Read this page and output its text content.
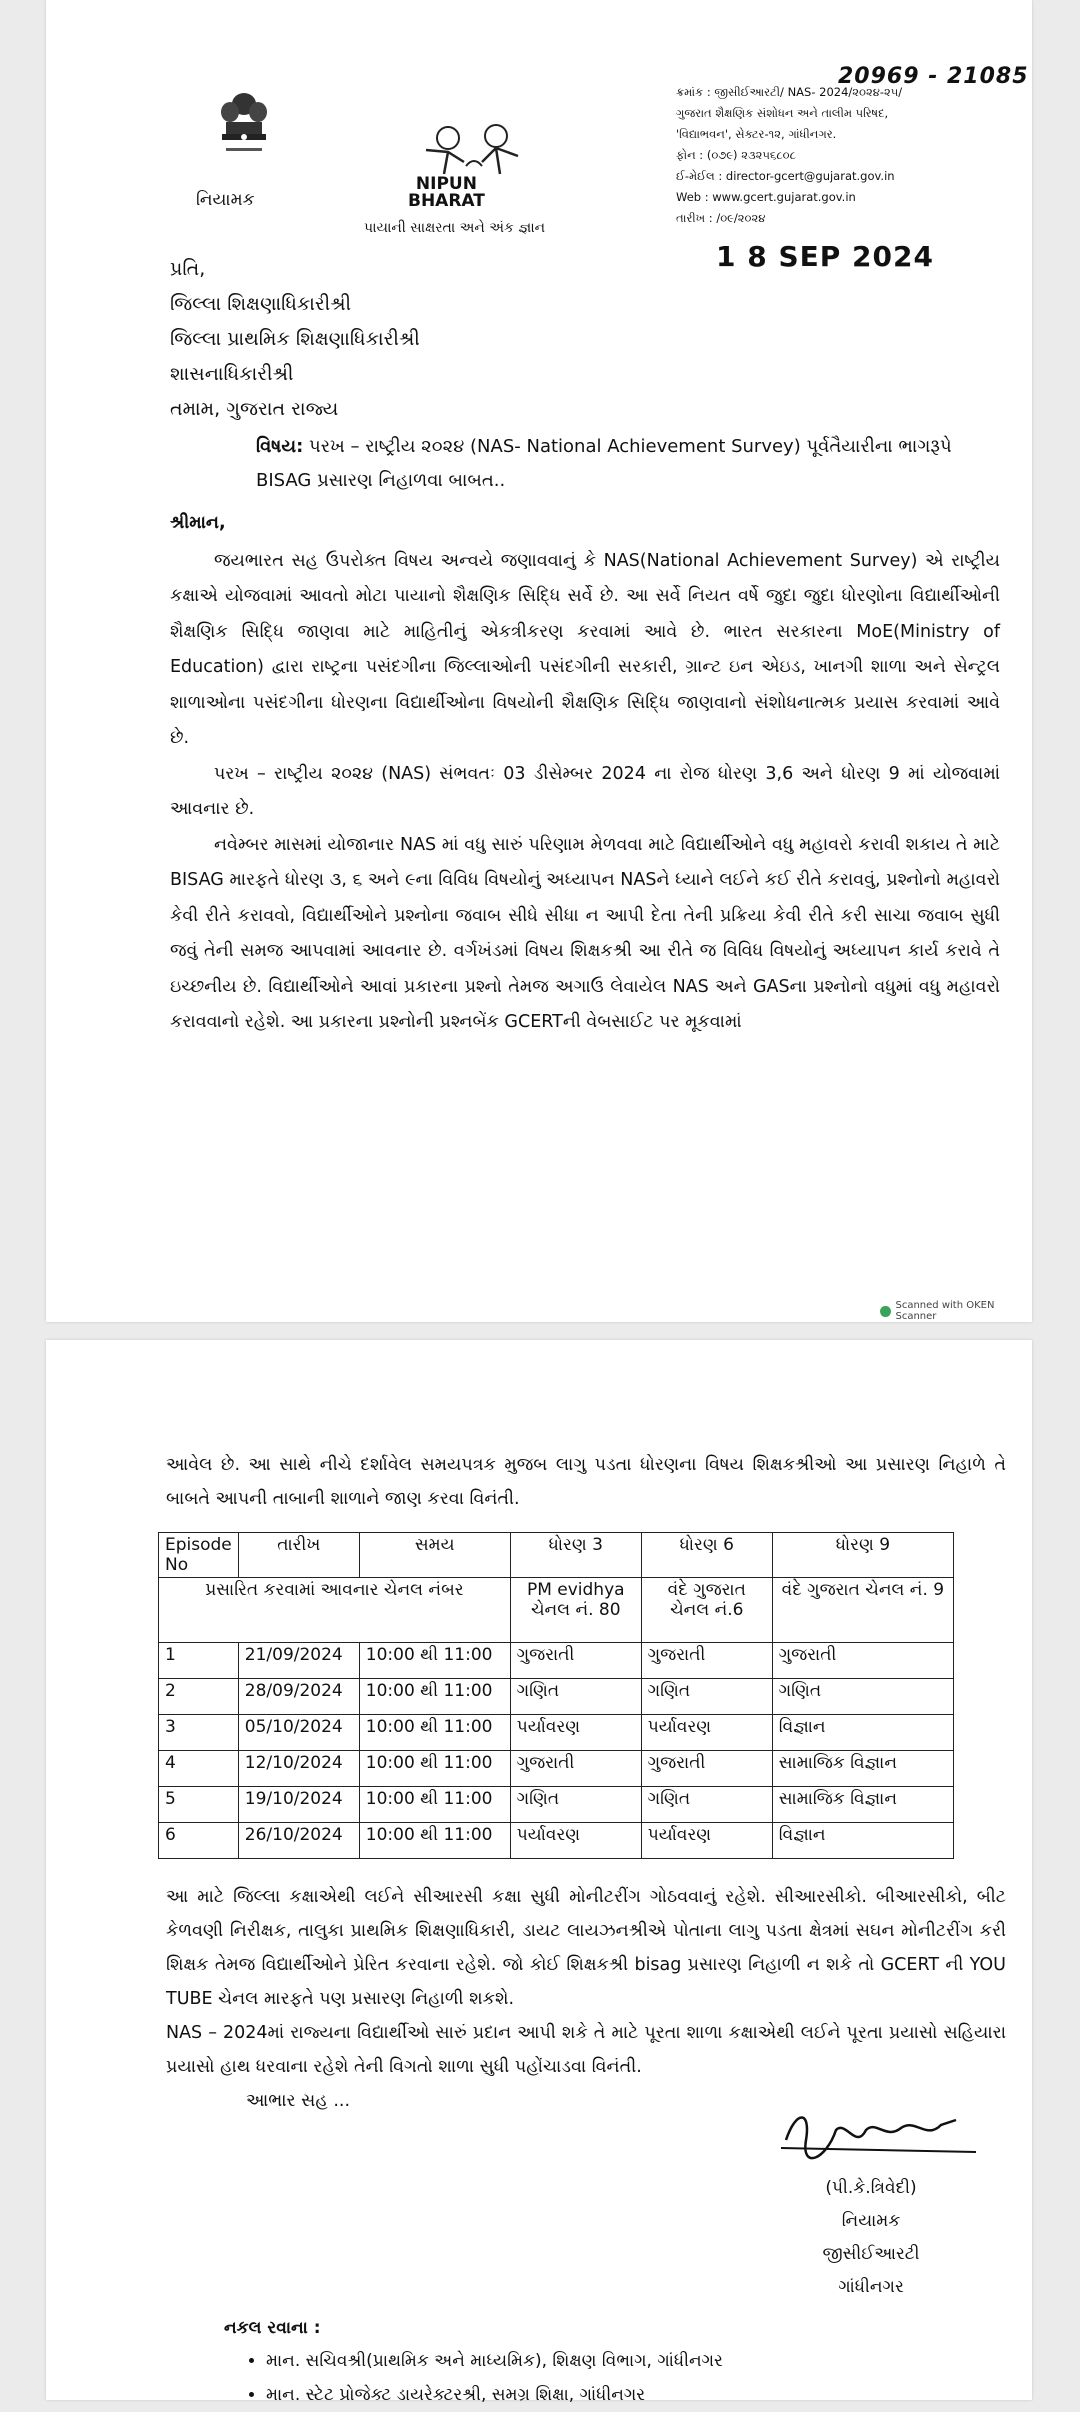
નિયામક
NIPUN
BHARAT
પાયાની સાક્ષરતા અને અંક જ્ઞાન
20969 - 21085
ક્રમાંક : જીસીઈઆરટી/ NAS- 2024/૨૦૨૪-૨૫/
ગુજરાત શૈક્ષણિક સંશોધન અને તાલીમ પરિષદ,
'વિદ્યાભવન', સેક્ટર-૧૨, ગાંધીનગર.
ફોન : (૦૭૯) ૨૩૨૫૬૮૦૮
ઈ-મેઈલ : director-gcert@gujarat.gov.in
Web : www.gcert.gujarat.gov.in
તારીખ : /૦૯/૨૦૨૪
1 8 SEP 2024
પ્રતિ,
જિલ્લા શિક્ષણાધિકારીશ્રી
જિલ્લા પ્રાથમિક શિક્ષણાધિકારીશ્રી
શાસનાધિકારીશ્રી
તમામ, ગુજરાત રાજ્ય
વિષય: પરખ – રાષ્ટ્રીય ૨૦૨૪ (NAS- National Achievement Survey) પૂર્વતૈયારીના ભાગરૂપે BISAG પ્રસારણ નિહાળવા બાબત..

શ્રીમાન,

જયભારત સહ ઉપરોક્ત વિષય અન્વયે જણાવવાનું કે NAS(National Achievement Survey) એ રાષ્ટ્રીય કક્ષાએ યોજવામાં આવતો મોટા પાયાનો શૈક્ષણિક સિદ્ધિ સર્વે છે. આ સર્વે નિયત વર્ષે જુદા જુદા ધોરણોના વિદ્યાર્થીઓની શૈક્ષણિક સિદ્ધિ જાણવા માટે માહિતીનું એકત્રીકરણ કરવામાં આવે છે. ભારત સરકારના MoE(Ministry of Education) દ્વારા રાષ્ટ્રના પસંદગીના જિલ્લાઓની પસંદગીની સરકારી, ગ્રાન્ટ ઇન એઇડ, ખાનગી શાળા અને સેન્ટ્રલ શાળાઓના પસંદગીના ધોરણના વિદ્યાર્થીઓના વિષયોની શૈક્ષણિક સિદ્ધિ જાણવાનો સંશોધનાત્મક પ્રયાસ કરવામાં આવે છે.

પરખ – રાષ્ટ્રીય ૨૦૨૪ (NAS) સંભવતઃ 03 ડીસેમ્બર 2024 ના રોજ ધોરણ 3,6 અને ધોરણ 9 માં યોજવામાં આવનાર છે.

નવેમ્બર માસમાં યોજાનાર NAS માં વધુ સારું પરિણામ મેળવવા માટે વિદ્યાર્થીઓને વધુ મહાવરો કરાવી શકાય તે માટે BISAG મારફતે ધોરણ ૩, ૬ અને ૯ના વિવિધ વિષયોનું અધ્યાપન NASને ધ્યાને લઈને કઈ રીતે કરાવવું, પ્રશ્નોનો મહાવરો કેવી રીતે કરાવવો, વિદ્યાર્થીઓને પ્રશ્નોના જવાબ સીધે સીધા ન આપી દેતા તેની પ્રક્રિયા કેવી રીતે કરી સાચા જવાબ સુધી જવું તેની સમજ આપવામાં આવનાર છે. વર્ગખંડમાં વિષય શિક્ષકશ્રી આ રીતે જ વિવિધ વિષયોનું અધ્યાપન કાર્ય કરાવે તે ઇચ્છનીય છે. વિદ્યાર્થીઓને આવાં પ્રકારના પ્રશ્નો તેમજ અગાઉ લેવાયેલ NAS અને GASના પ્રશ્નોનો વધુમાં વધુ મહાવરો કરાવવાનો રહેશે. આ પ્રકારના પ્રશ્નોની પ્રશ્નબેંક GCERTની વેબસાઈટ પર મૂકવામાં

Scanned with OKEN Scanner

આવેલ છે. આ સાથે નીચે દર્શાવેલ સમયપત્રક મુજબ લાગુ પડતા ધોરણના વિષય શિક્ષકશ્રીઓ આ પ્રસારણ નિહાળે તે બાબતે આપની તાબાની શાળાને જાણ કરવા વિનંતી.

Episode No	તારીખ	સમય	ધોરણ 3	ધોરણ 6	ધોરણ 9
પ્રસારિત કરવામાં આવનાર ચેનલ નંબર			PM evidhya ચેનલ નં. 80	વંદે ગુજરાત ચેનલ નં.6	વંદે ગુજરાત ચેનલ નં. 9
1	21/09/2024	10:00 થી 11:00	ગુજરાતી	ગુજરાતી	ગુજરાતી
2	28/09/2024	10:00 થી 11:00	ગણિત	ગણિત	ગણિત
3	05/10/2024	10:00 થી 11:00	પર્યાવરણ	પર્યાવરણ	વિજ્ઞાન
4	12/10/2024	10:00 થી 11:00	ગુજરાતી	ગુજરાતી	સામાજિક વિજ્ઞાન
5	19/10/2024	10:00 થી 11:00	ગણિત	ગણિત	સામાજિક વિજ્ઞાન
6	26/10/2024	10:00 થી 11:00	પર્યાવરણ	પર્યાવરણ	વિજ્ઞાન

આ માટે જિલ્લા કક્ષાએથી લઈને સીઆરસી કક્ષા સુધી મોનીટરીંગ ગોઠવવાનું રહેશે. સીઆરસીકો. બીઆરસીકો, બીટ કેળવણી નિરીક્ષક, તાલુકા પ્રાથમિક શિક્ષણાધિકારી, ડાયટ લાયઝનશ્રીએ પોતાના લાગુ પડતા ક્ષેત્રમાં સઘન મોનીટરીંગ કરી શિક્ષક તેમજ વિદ્યાર્થીઓને પ્રેરિત કરવાના રહેશે. જો કોઈ શિક્ષકશ્રી bisag પ્રસારણ નિહાળી ન શકે તો GCERT ની YOU TUBE ચેનલ મારફતે પણ પ્રસારણ નિહાળી શકશે.

NAS – 2024માં રાજ્યના વિદ્યાર્થીઓ સારું પ્રદાન આપી શકે તે માટે પૂરતા શાળા કક્ષાએથી લઈને પૂરતા પ્રયાસો સહિયારા પ્રયાસો હાથ ધરવાના રહેશે તેની વિગતો શાળા સુધી પહોંચાડવા વિનંતી.

આભાર સહ ...

(પી.કે.ત્રિવેદી)
નિયામક
જીસીઈઆરટી
ગાંધીનગર
નકલ રવાના :
• માન. સચિવશ્રી(પ્રાથમિક અને માધ્યમિક), શિક્ષણ વિભાગ, ગાંધીનગર
• માન. સ્ટેટ પ્રોજેક્ટ ડાયરેક્ટરશ્રી, સમગ્ર શિક્ષા, ગાંધીનગર
